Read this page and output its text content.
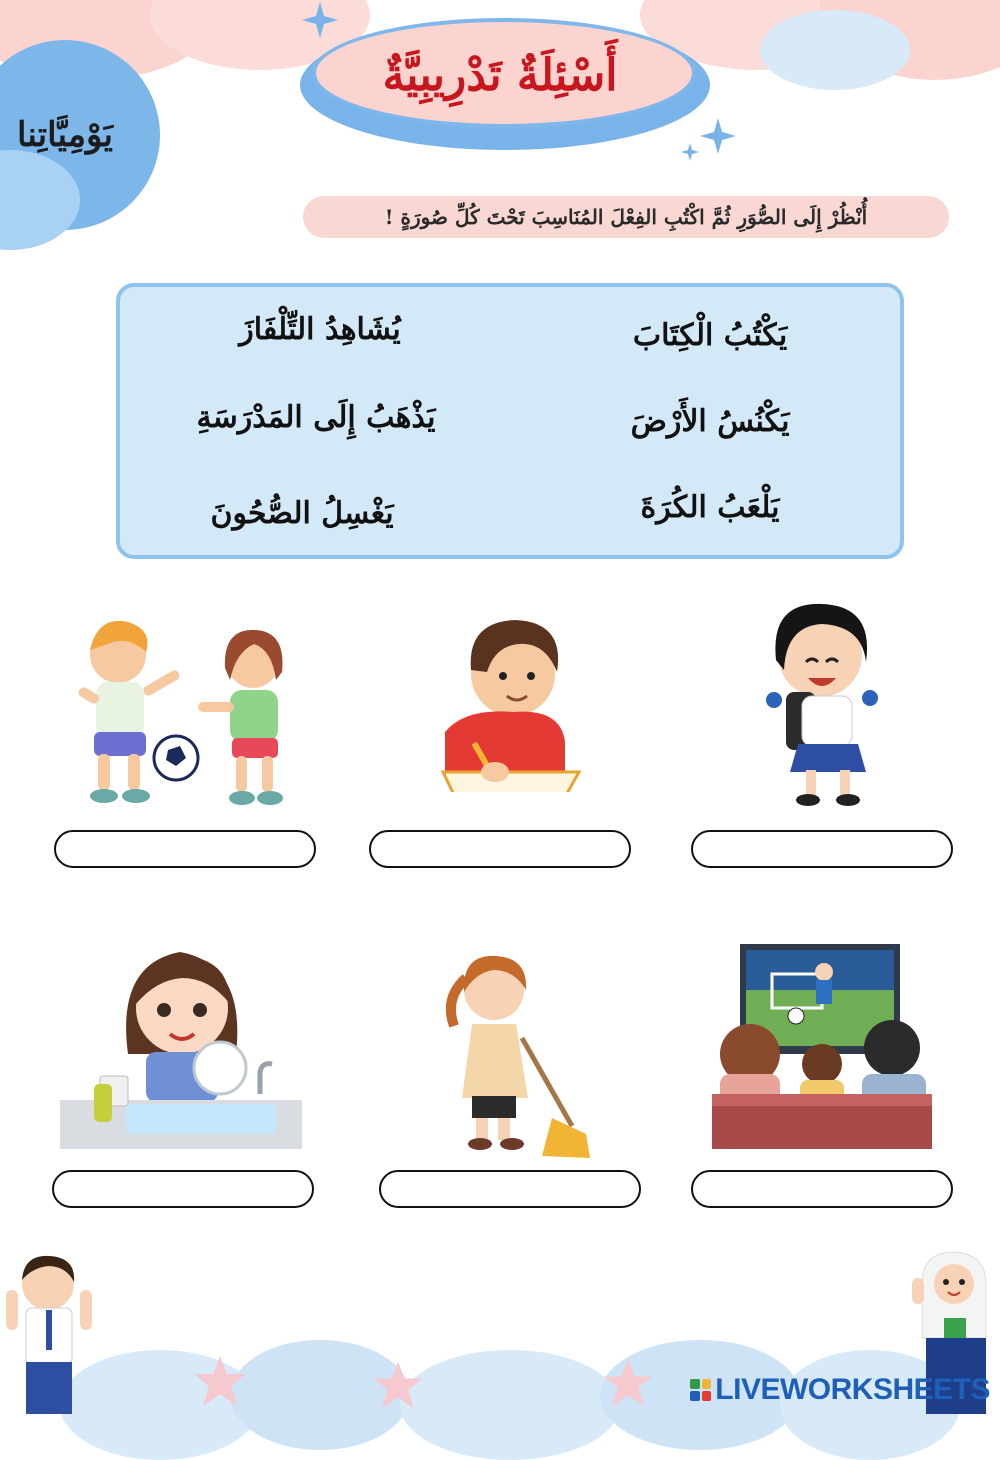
أَسْئِلَةٌ تَدْرِيبِيَّةٌ
يَوْمِيَّاتِنا
أُنْظُرْ إِلَى الصُّوَرِ ثُمَّ اكْتُبِ الفِعْلَ المُنَاسِبَ تَحْتَ كُلِّ صُورَةٍ !
يَكْتُبُ الْكِتَابَ
يَكْنُسُ الأَرْضَ
يَلْعَبُ الكُرَةَ
يُشَاهِدُ التِّلْفَازَ
يَذْهَبُ إِلَى المَدْرَسَةِ
يَغْسِلُ الصُّحُونَ
LIVEWORKSHEETS
